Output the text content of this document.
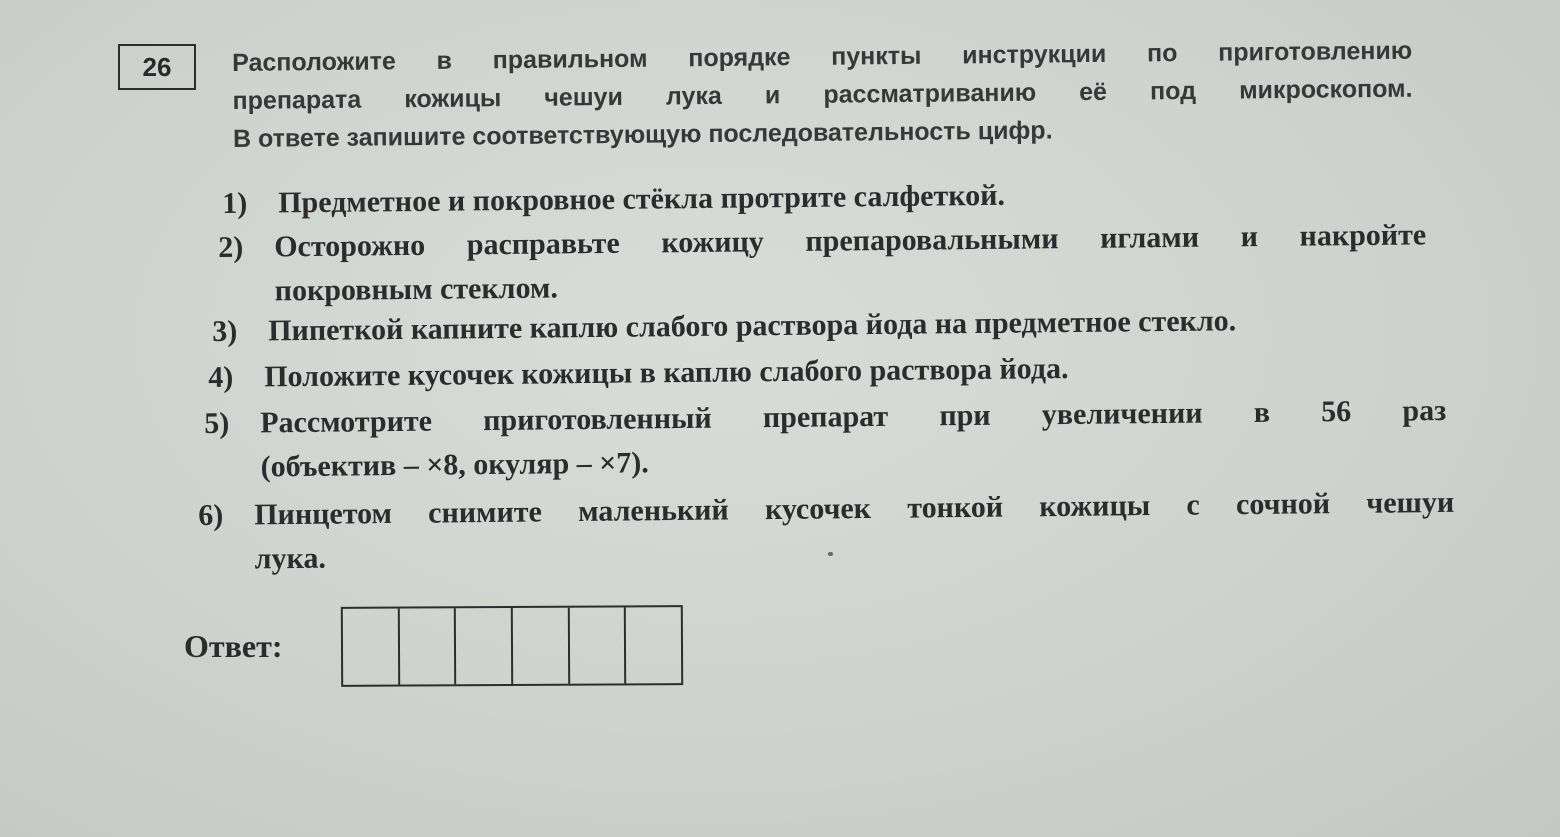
26	Расположите в правильном порядке пункты инструкции по приготовлению
препарата кожицы чешуи лука и рассматриванию её под микроскопом.
В ответе запишите соответствующую последовательность цифр.
1) Предметное и покровное стёкла протрите салфеткой.
2) Осторожно расправьте кожицу препаровальными иглами и накройте
покровным стеклом.
3) Пипеткой капните каплю слабого раствора йода на предметное стекло.
4) Положите кусочек кожицы в каплю слабого раствора йода.
5) Рассмотрите приготовленный препарат при увеличении в 56 раз
(объектив – ×8, окуляр – ×7).
6) Пинцетом снимите маленький кусочек тонкой кожицы с сочной чешуи
лука.
Ответ:
